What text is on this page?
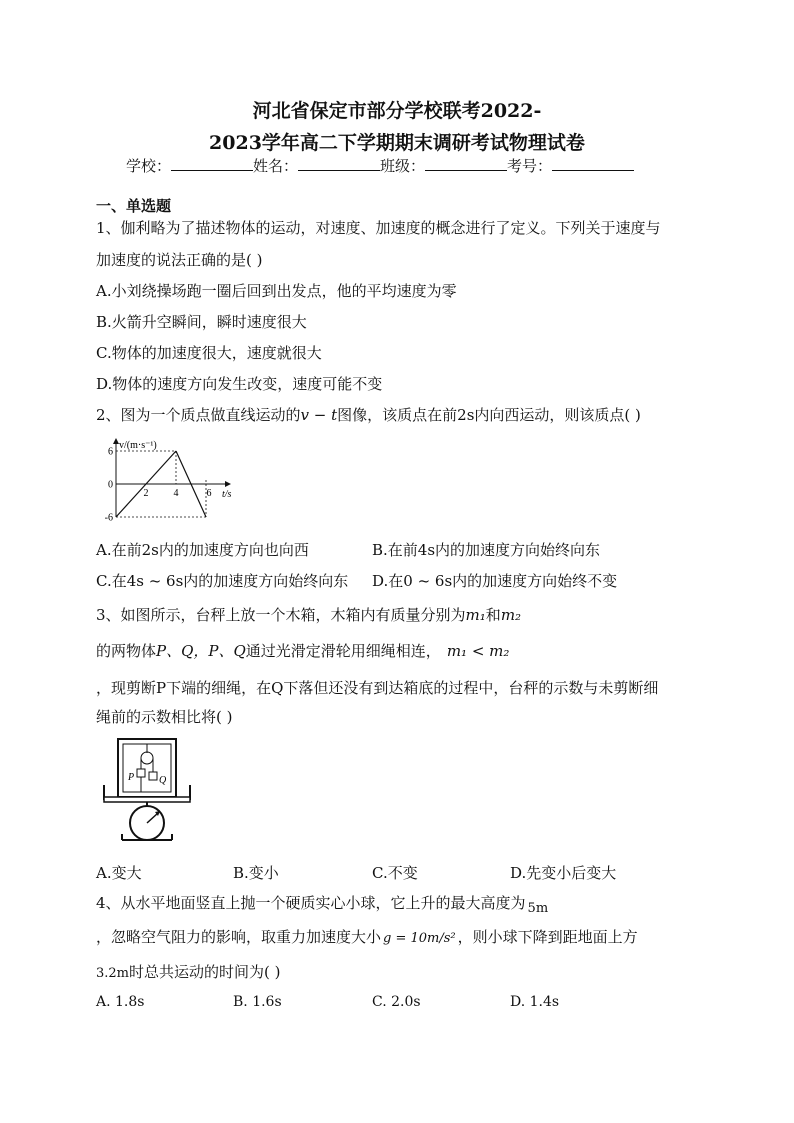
河北省保定市部分学校联考2022-
2023学年高二下学期期末调研考试物理试卷
学校：	姓名：	班级：	考号：
一、单选题
1、伽利略为了描述物体的运动，对速度、加速度的概念进行了定义。下列关于速度与
加速度的说法正确的是( )
A.小刘绕操场跑一圈后回到出发点，他的平均速度为零
B.火箭升空瞬间，瞬时速度很大
C.物体的加速度很大，速度就很大
D.物体的速度方向发生改变，速度可能不变
2、图为一个质点做直线运动的v − t图像，该质点在前2s内向西运动，则该质点( )
v/(m·s⁻¹)
t/s
6
0
-6
2	4	6
A.在前2s内的加速度方向也向西	B.在前4s内的加速度方向始终向东
C.在4s ~ 6s内的加速度方向始终向东 D.在0 ~ 6s内的加速度方向始终不变
3、如图所示，台秤上放一个木箱，木箱内有质量分别为m₁和m₂
的两物体P、Q，P、Q通过光滑定滑轮用细绳相连， m₁ < m₂
，现剪断P下端的细绳，在Q下落但还没有到达箱底的过程中，台秤的示数与未剪断细
绳前的示数相比将( )
P Q
A.变大	B.变小	C.不变	D.先变小后变大
4、从水平地面竖直上抛一个硬质实心小球，它上升的最大高度为 5m
，忽略空气阻力的影响，取重力加速度大小 g = 10m/s² ，则小球下降到距地面上方
3.2m时总共运动的时间为( )
A. 1.8s	B. 1.6s	C. 2.0s	D. 1.4s
